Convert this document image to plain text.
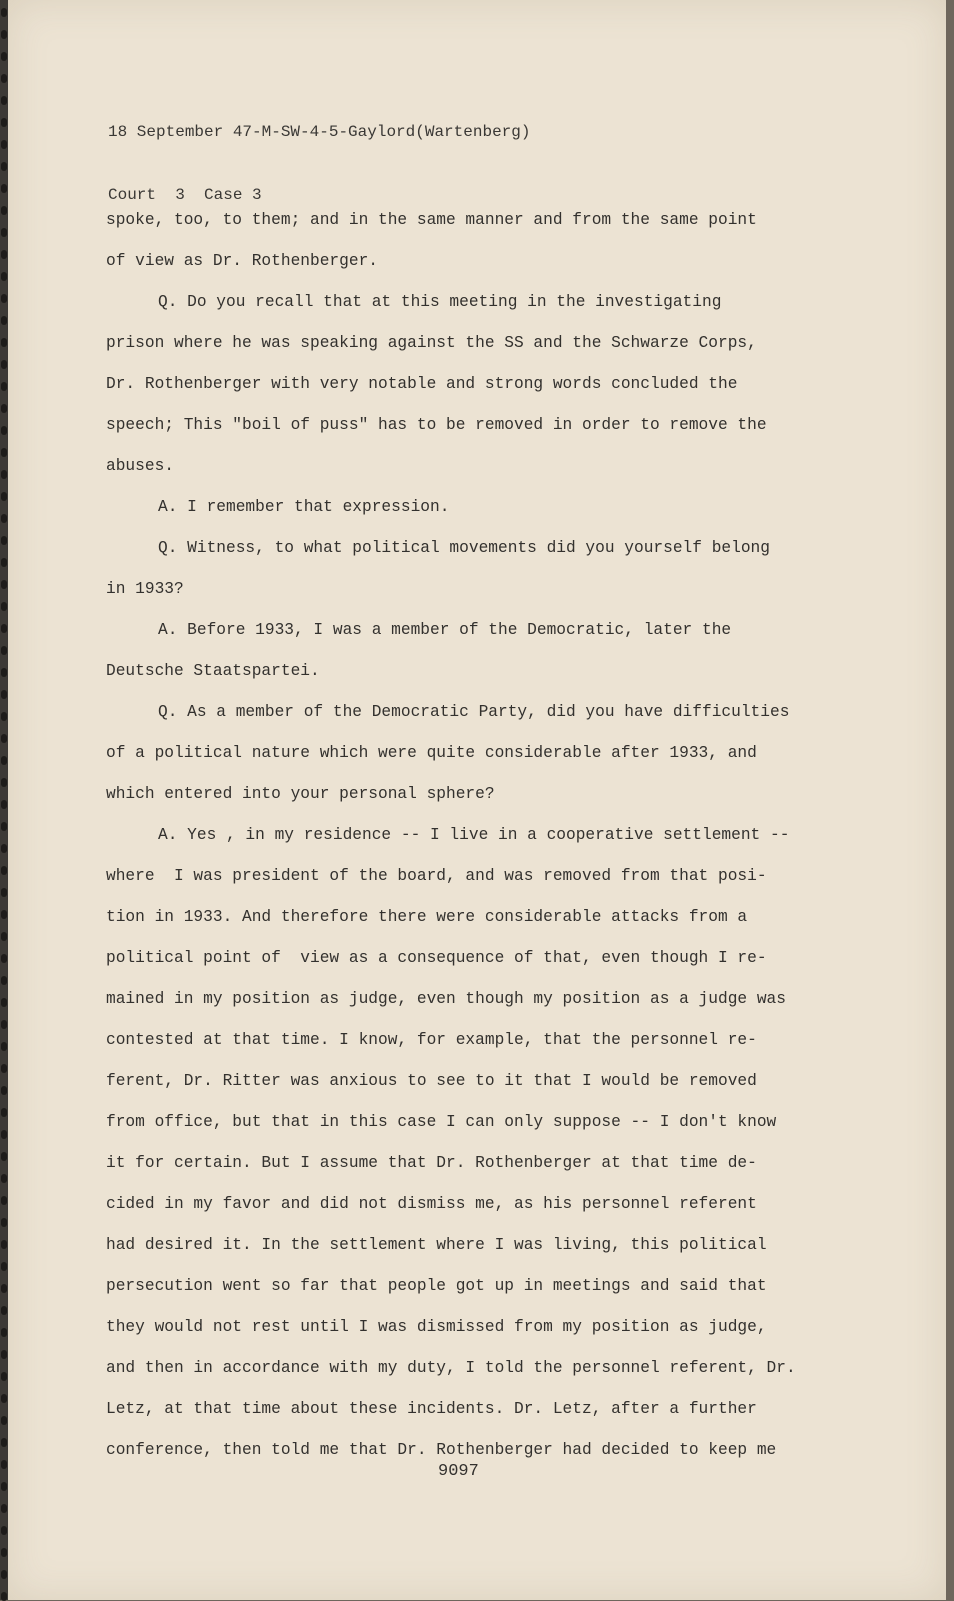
18 September 47-M-SW-4-5-Gaylord(Wartenberg)

Court  3  Case 3

spoke, too, to them; and in the same manner and from the same point
of view as Dr. Rothenberger.
Q. Do you recall that at this meeting in the investigating
prison where he was speaking against the SS and the Schwarze Corps,
Dr. Rothenberger with very notable and strong words concluded the
speech; This "boil of puss" has to be removed in order to remove the
abuses.
A. I remember that expression.
Q. Witness, to what political movements did you yourself belong
in 1933?
A. Before 1933, I was a member of the Democratic, later the
Deutsche Staatspartei.
Q. As a member of the Democratic Party, did you have difficulties
of a political nature which were quite considerable after 1933, and
which entered into your personal sphere?
A. Yes , in my residence -- I live in a cooperative settlement --
where  I was president of the board, and was removed from that posi-
tion in 1933. And therefore there were considerable attacks from a
political point of  view as a consequence of that, even though I re-
mained in my position as judge, even though my position as a judge was
contested at that time. I know, for example, that the personnel re-
ferent, Dr. Ritter was anxious to see to it that I would be removed
from office, but that in this case I can only suppose -- I don't know
it for certain. But I assume that Dr. Rothenberger at that time de-
cided in my favor and did not dismiss me, as his personnel referent
had desired it. In the settlement where I was living, this political
persecution went so far that people got up in meetings and said that
they would not rest until I was dismissed from my position as judge,
and then in accordance with my duty, I told the personnel referent, Dr.
Letz, at that time about these incidents. Dr. Letz, after a further
conference, then told me that Dr. Rothenberger had decided to keep me
9097
